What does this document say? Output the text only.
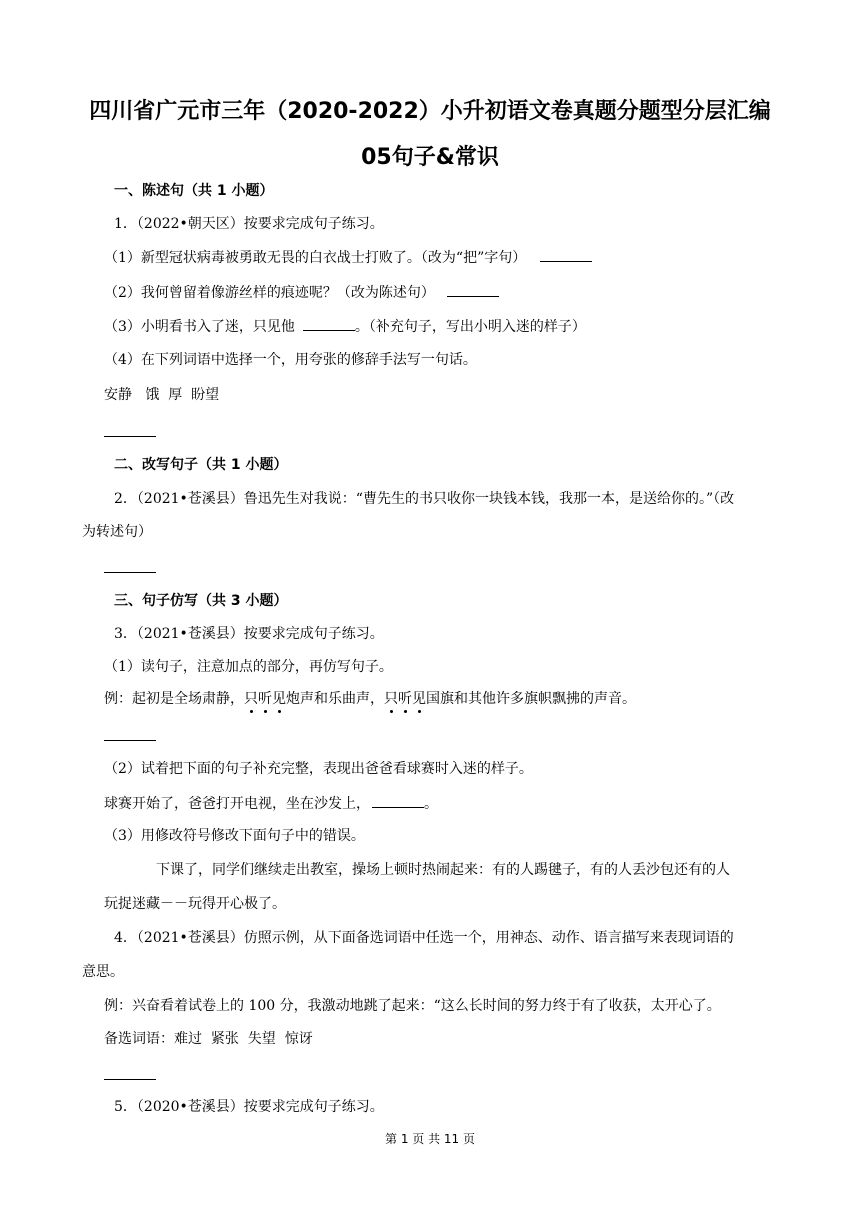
四川省广元市三年（2020-2022）小升初语文卷真题分题型分层汇编
05句子&常识
一、陈述句（共 1 小题）
1．（2022•朝天区）按要求完成句子练习。
（1）新型冠状病毒被勇敢无畏的白衣战士打败了。（改为“把”字句）
（2）我何曾留着像游丝样的痕迹呢？（改为陈述句）
（3）小明看书入了迷，只见他	。（补充句子，写出小明入迷的样子）
（4）在下列词语中选择一个，用夸张的修辞手法写一句话。
安静   饿  厚  盼望
二、改写句子（共 1 小题）
2．（2021•苍溪县）鲁迅先生对我说：“曹先生的书只收你一块钱本钱，我那一本，是送给你的。”（改
为转述句）
三、句子仿写（共 3 小题）
3．（2021•苍溪县）按要求完成句子练习。
（1）读句子，注意加点的部分，再仿写句子。
例：起初是全场肃静，只听见炮声和乐曲声，只听见国旗和其他许多旗帜飘拂的声音。
（2）试着把下面的句子补充完整，表现出爸爸看球赛时入迷的样子。
球赛开始了，爸爸打开电视，坐在沙发上，	。
（3）用修改符号修改下面句子中的错误。
下课了，同学们继续走出教室，操场上顿时热闹起来：有的人踢毽子，有的人丢沙包还有的人
玩捉迷藏－－玩得开心极了。
4．（2021•苍溪县）仿照示例，从下面备选词语中任选一个，用神态、动作、语言描写来表现词语的
意思。
例：兴奋看着试卷上的 100 分，我激动地跳了起来：“这么长时间的努力终于有了收获，太开心了。
备选词语：难过  紧张  失望  惊讶
5．（2020•苍溪县）按要求完成句子练习。
第 1 页 共 11 页
